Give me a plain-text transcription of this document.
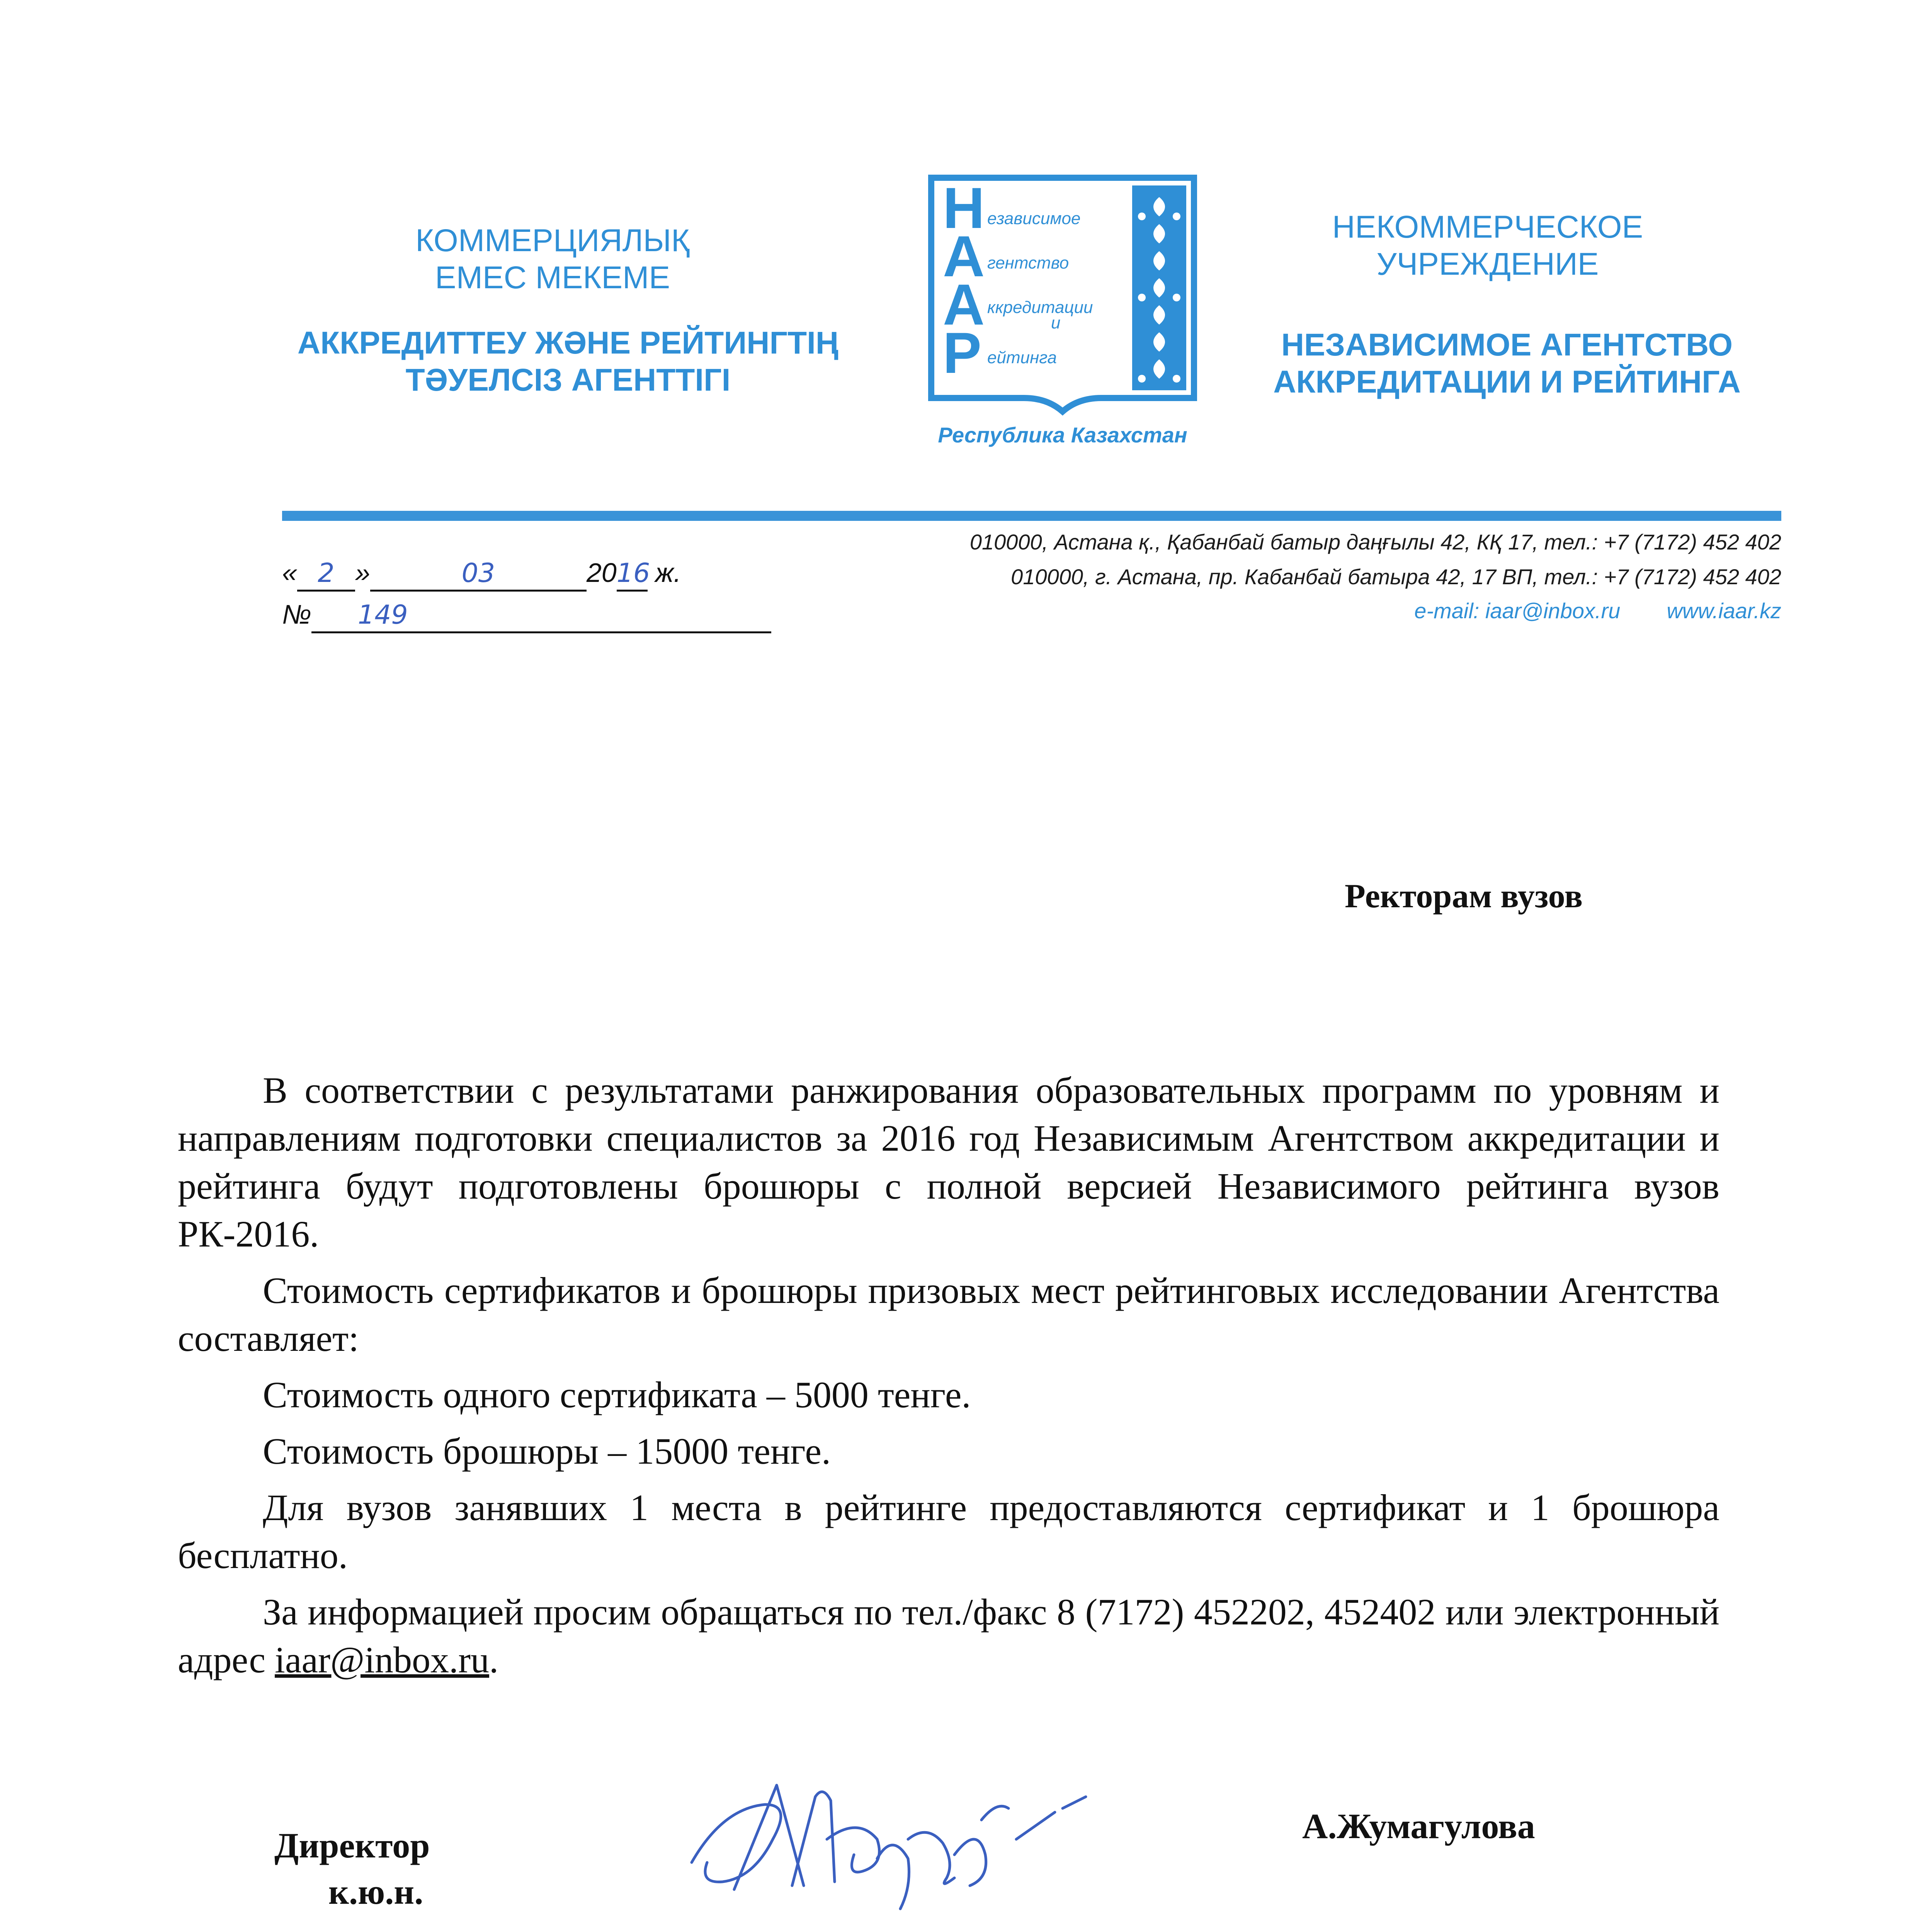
КОММЕРЦИЯЛЫҚ
ЕМЕС МЕКЕМЕ
АККРЕДИТТЕУ ЖӘНЕ РЕЙТИНГТІҢ
ТӘУЕЛСІЗ АГЕНТТІГІ
Н
А
А
Р
езависимое
гентство
ккредитации
и
ейтинга
Республика Казахстан
НЕКОММЕРЧЕСКОЕ
УЧРЕЖДЕНИЕ
НЕЗАВИСИМОЕ АГЕНТСТВО
АККРЕДИТАЦИИ И РЕЙТИНГА
« 2 »	03	2016 ж.
№ 149
010000, Астана қ., Қабанбай батыр даңғылы 42, КҚ 17, тел.: +7 (7172) 452 402
010000, г. Астана, пр. Кабанбай батыра 42, 17 ВП, тел.: +7 (7172) 452 402
e-mail: iaar@inbox.ru www.iaar.kz
Ректорам вузов

В соответствии с результатами ранжирования образовательных программ по уровням и направлениям подготовки специалистов за 2016 год Независимым Агентством аккредитации и рейтинга будут подготовлены брошюры с полной версией Независимого рейтинга вузов РК-2016.

Стоимость сертификатов и брошюры призовых мест рейтинговых исследовании Агентства составляет:

Стоимость одного сертификата – 5000 тенге.

Стоимость брошюры – 15000 тенге.

Для вузов занявших 1 места в рейтинге предоставляются сертификат и 1 брошюра бесплатно.

За информацией просим обращаться по тел./факс 8 (7172) 452202, 452402 или электронный адрес iaar@inbox.ru.

Директор
к.ю.н.
А.Жумагулова
